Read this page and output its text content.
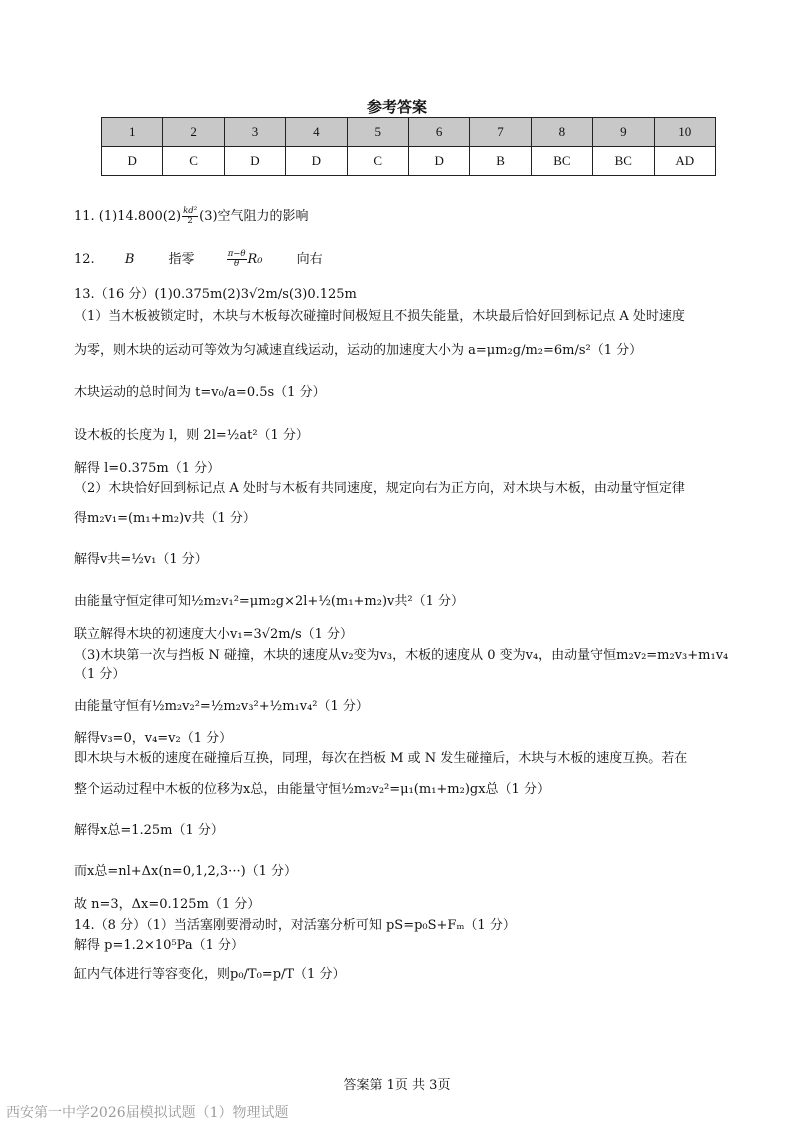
参考答案
1	2	3	4	5	6	7	8	9	10
D	C	D	D	C	D	B	BC	BC	AD
11. $(1)14.800(2) \frac{\text{kd²}}{2} (3)$空气阻力的影响
12. B	指零	$\frac{\pi-\theta}{\theta} R_0$	向右
13.（16 分）(1)0.375m(2)3√2m/s(3)0.125m
（1）当木板被锁定时，木块与木板每次碰撞时间极短且不损失能量，木块最后恰好回到标记点 A 处时速度
为零，则木块的运动可等效为匀减速直线运动，运动的加速度大小为 a=μm₂g/m₂=6m/s²（1 分）
木块运动的总时间为 t=v₀/a=0.5s（1 分）
设木板的长度为 l，则 2l=½at²（1 分）
解得 l=0.375m（1 分）
（2）木块恰好回到标记点 A 处时与木板有共同速度，规定向右为正方向，对木块与木板，由动量守恒定律
得m₂v₁=(m₁+m₂)v共（1 分）
解得v共=½v₁（1 分）
由能量守恒定律可知½m₂v₁²=μm₂g×2l+½(m₁+m₂)v共²（1 分）
联立解得木块的初速度大小v₁=3√2m/s（1 分）
（3)木块第一次与挡板 N 碰撞，木块的速度从v₂变为v₃，木板的速度从 0 变为v₄，由动量守恒m₂v₂=m₂v₃+m₁v₄
（1 分）
由能量守恒有½m₂v₂²=½m₂v₃²+½m₁v₄²（1 分）
解得v₃=0，v₄=v₂（1 分）
即木块与木板的速度在碰撞后互换，同理，每次在挡板 M 或 N 发生碰撞后，木块与木板的速度互换。若在
整个运动过程中木板的位移为x总，由能量守恒½m₂v₂²=μ₁(m₁+m₂)gx总（1 分）
解得x总=1.25m（1 分）
而x总=nl+Δx(n=0,1,2,3···)（1 分）
故 n=3，Δx=0.125m（1 分）
14.（8 分）（1）当活塞刚要滑动时，对活塞分析可知 pS=p₀S+Fₘ（1 分）
解得 p=1.2×10⁵Pa（1 分）
缸内气体进行等容变化，则p₀/T₀=p/T（1 分）
答案第 1页 共 3页
西安第一中学2026届模拟试题（1）物理试题
